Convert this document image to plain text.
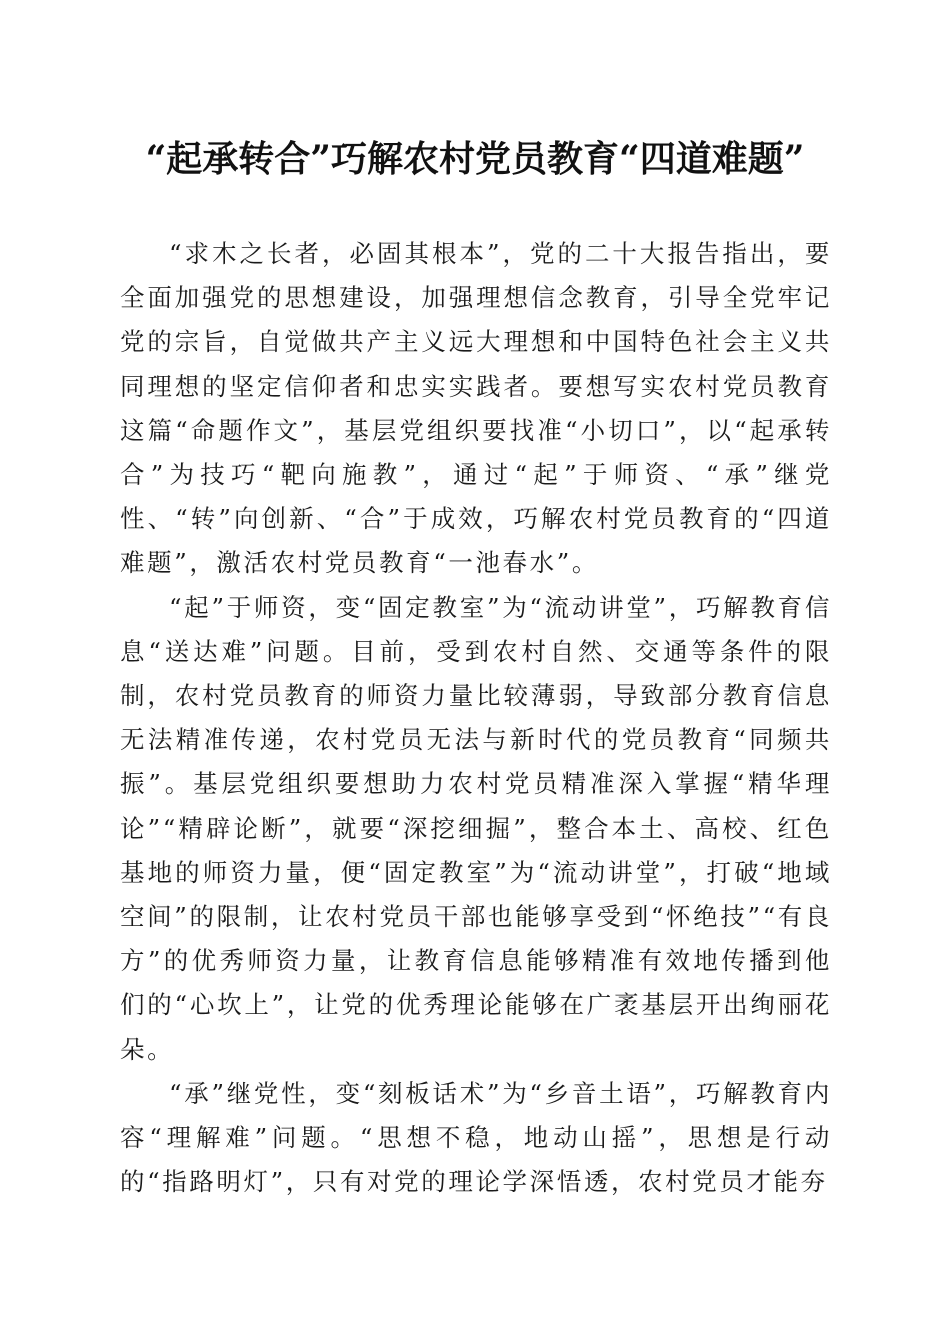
“起承转合”巧解农村党员教育“四道难题”

“求木之长者，必固其根本”，党的二十大报告指出，要全面加强党的思想建设，加强理想信念教育，引导全党牢记党的宗旨，自觉做共产主义远大理想和中国特色社会主义共同理想的坚定信仰者和忠实实践者。要想写实农村党员教育这篇“命题作文”，基层党组织要找准“小切口”，以“起承转合”为技巧“靶向施教”，通过“起”于师资、“承”继党性、“转”向创新、“合”于成效，巧解农村党员教育的“四道难题”，激活农村党员教育“一池春水”。

“起”于师资，变“固定教室”为“流动讲堂”，巧解教育信息“送达难”问题。目前，受到农村自然、交通等条件的限制，农村党员教育的师资力量比较薄弱，导致部分教育信息无法精准传递，农村党员无法与新时代的党员教育“同频共振”。基层党组织要想助力农村党员精准深入掌握“精华理论”“精辟论断”，就要“深挖细掘”，整合本土、高校、红色基地的师资力量，便“固定教室”为“流动讲堂”，打破“地域空间”的限制，让农村党员干部也能够享受到“怀绝技”“有良方”的优秀师资力量，让教育信息能够精准有效地传播到他们的“心坎上”，让党的优秀理论能够在广袤基层开出绚丽花朵。

“承”继党性，变“刻板话术”为“乡音土语”，巧解教育内容“理解难”问题。“思想不稳，地动山摇”，思想是行动的“指路明灯”，只有对党的理论学深悟透，农村党员才能夯
